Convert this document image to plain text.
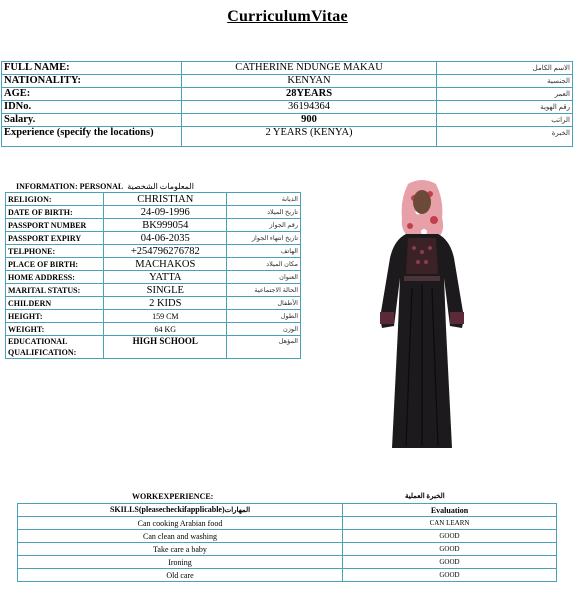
CurriculumVitae
FULL NAME:	CATHERINE NDUNGE MAKAU	الاسم الكامل
NATIONALITY:	KENYAN	الجنسية
AGE:	28YEARS	العمر
IDNo.	36194364	رقم الهوية
Salary.	900	الراتب
Experience (specify the locations)	2 YEARS (KENYA)	الخبرة
INFORMATION: PERSONAL المعلومات الشخصية
RELIGION:	CHRISTIAN	الديانة
DATE OF BIRTH:	24-09-1996	تاريخ الميلاد
PASSPORT NUMBER	BK999054	رقم الجواز
PASSPORT EXPIRY	04-06-2035	تاريخ انتهاء الجواز
TELPHONE:	+254796276782	الهاتف
PLACE OF BIRTH:	MACHAKOS	مكان الميلاد
HOME ADDRESS:	YATTA	العنوان
MARITAL STATUS:	SINGLE	الحالة الاجتماعية
CHILDERN	2 KIDS	الأطفال
HEIGHT:	159 CM	الطول
WEIGHT:	64 KG	الوزن
EDUCATIONAL QUALIFICATION:	HIGH SCHOOL	المؤهل
WORKEXPERIENCE:	الخبرة العملية
SKILLS(pleasecheckifapplicable)المهارات	Evaluation
Can cooking Arabian food	CAN LEARN
Can clean and washing	GOOD
Take care a baby	GOOD
Ironing	GOOD
Old care	GOOD
